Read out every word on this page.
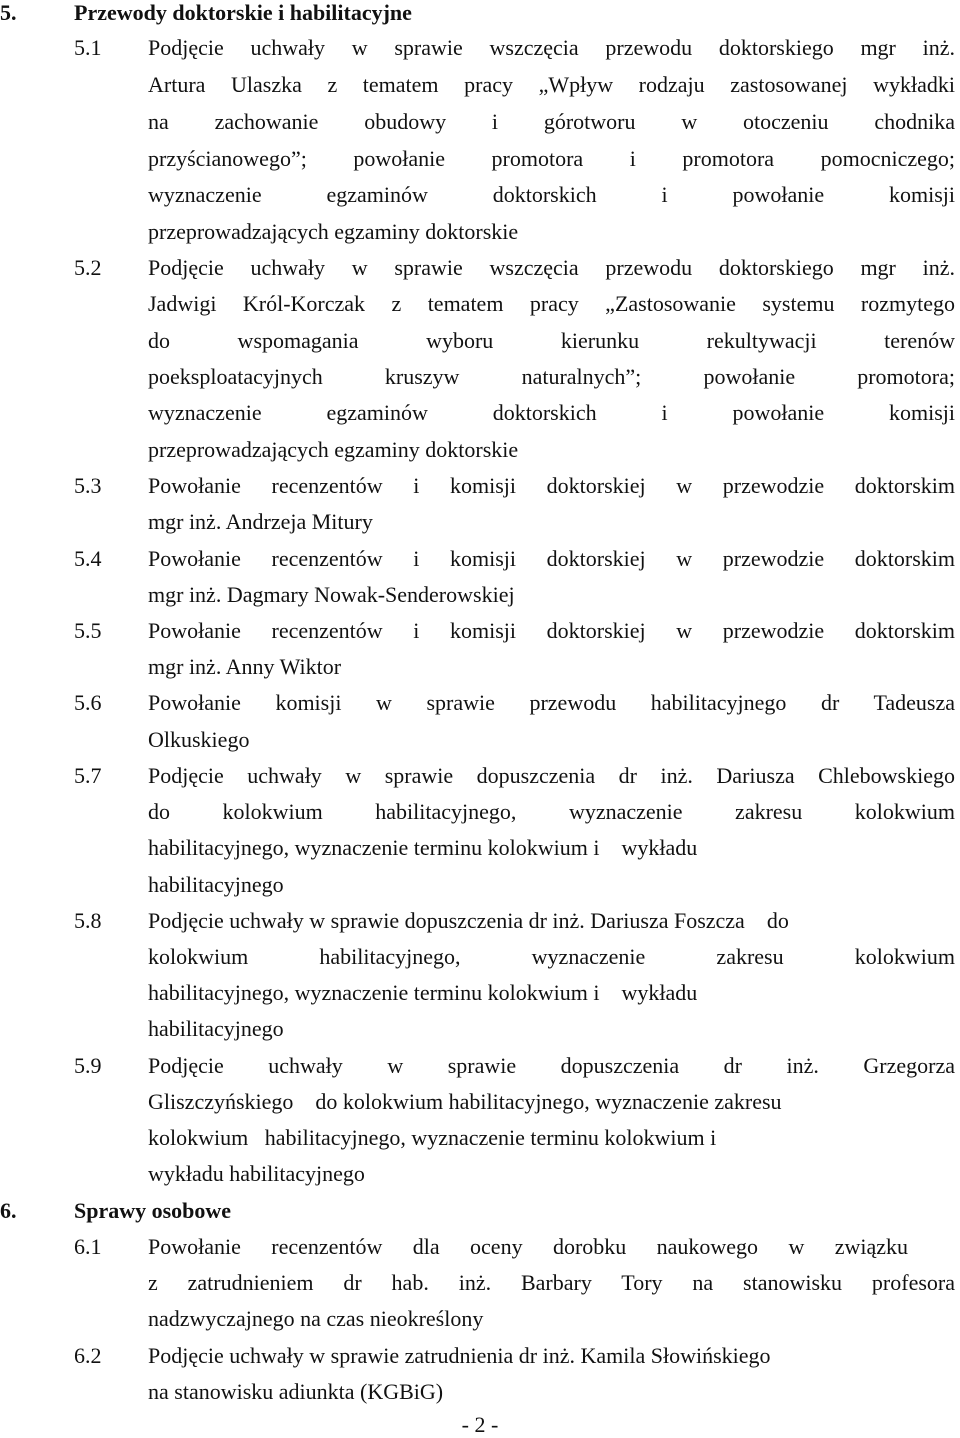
5.	Przewody doktorskie i habilitacyjne
5.1 Podjęcie uchwały w sprawie wszczęcia przewodu doktorskiego mgr inż.
Artura Ulaszka z tematem pracy „Wpływ rodzaju zastosowanej wykładki
na zachowanie obudowy i górotworu w otoczeniu chodnika
przyścianowego”; powołanie promotora i promotora pomocniczego;
wyznaczenie egzaminów doktorskich i powołanie komisji
przeprowadzających egzaminy doktorskie
5.2 Podjęcie uchwały w sprawie wszczęcia przewodu doktorskiego mgr inż.
Jadwigi Król-Korczak z tematem pracy „Zastosowanie systemu rozmytego
do wspomagania wyboru kierunku rekultywacji terenów
poeksploatacyjnych kruszyw naturalnych”; powołanie promotora;
wyznaczenie egzaminów doktorskich i powołanie komisji
przeprowadzających egzaminy doktorskie
5.3 Powołanie recenzentów i komisji doktorskiej w przewodzie doktorskim
mgr inż. Andrzeja Mitury
5.4 Powołanie recenzentów i komisji doktorskiej w przewodzie doktorskim
mgr inż. Dagmary Nowak-Senderowskiej
5.5 Powołanie recenzentów i komisji doktorskiej w przewodzie doktorskim
mgr inż. Anny Wiktor
5.6 Powołanie komisji w sprawie przewodu habilitacyjnego dr Tadeusza
Olkuskiego
5.7 Podjęcie uchwały w sprawie dopuszczenia dr inż. Dariusza Chlebowskiego
do kolokwium habilitacyjnego, wyznaczenie zakresu kolokwium
habilitacyjnego, wyznaczenie terminu kolokwium i    wykładu
habilitacyjnego
5.8 Podjęcie uchwały w sprawie dopuszczenia dr inż. Dariusza Foszcza    do
kolokwium habilitacyjnego, wyznaczenie zakresu kolokwium
habilitacyjnego, wyznaczenie terminu kolokwium i    wykładu
habilitacyjnego
5.9 Podjęcie uchwały w sprawie dopuszczenia dr inż. Grzegorza
Gliszczyńskiego    do kolokwium habilitacyjnego, wyznaczenie zakresu
kolokwium   habilitacyjnego, wyznaczenie terminu kolokwium i
wykładu habilitacyjnego
6.	Sprawy osobowe
6.1 Powołanie recenzentów dla oceny dorobku naukowego w związku
z zatrudnieniem dr hab. inż. Barbary Tory na stanowisku profesora
nadzwyczajnego na czas nieokreślony
6.2 Podjęcie uchwały w sprawie zatrudnienia dr inż. Kamila Słowińskiego
na stanowisku adiunkta (KGBiG)
- 2 -
